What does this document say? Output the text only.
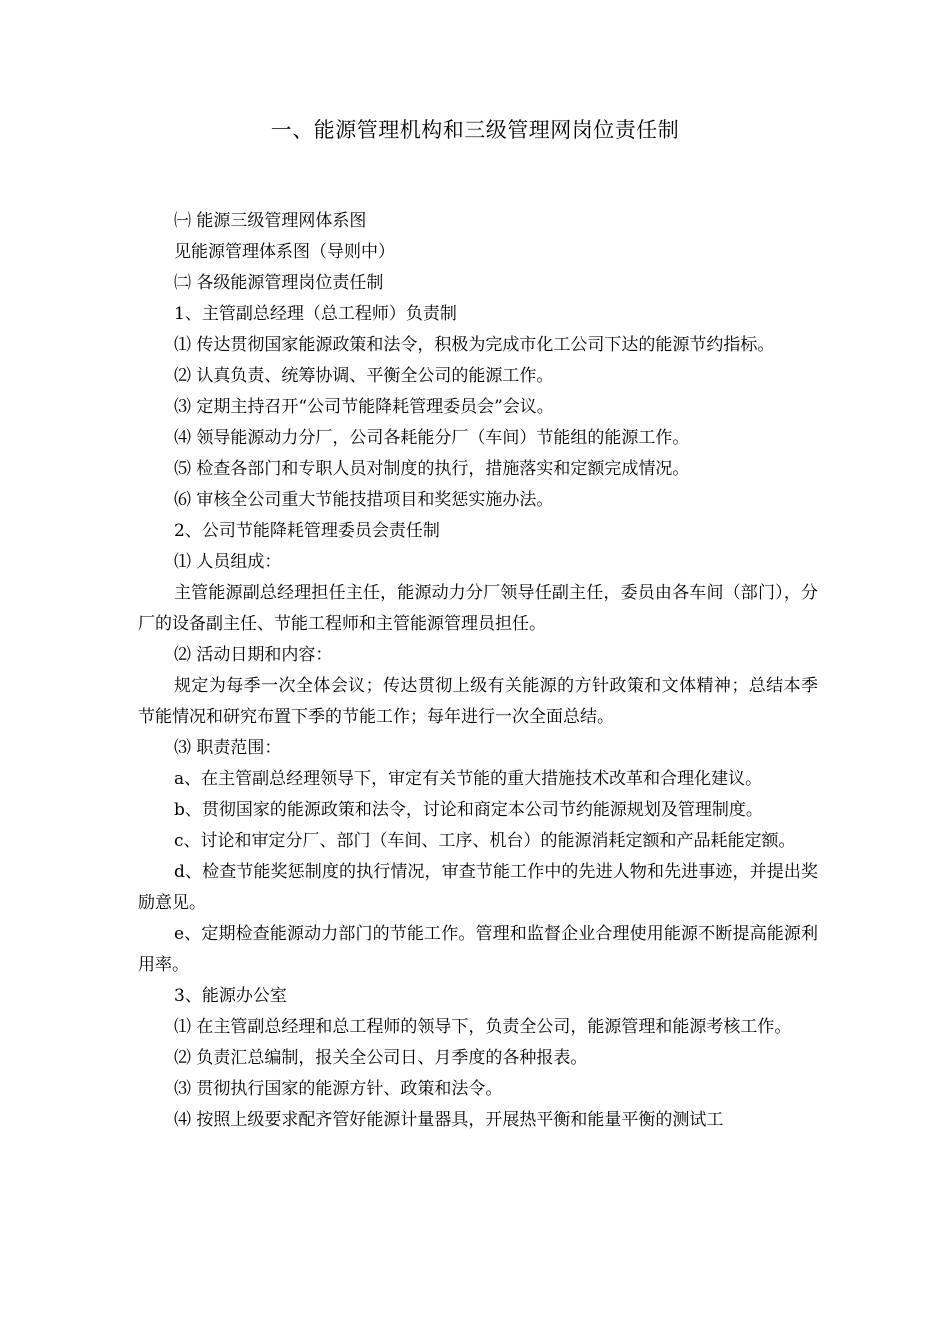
一、能源管理机构和三级管理网岗位责任制

㈠ 能源三级管理网体系图

见能源管理体系图（导则中）

㈡ 各级能源管理岗位责任制

1、主管副总经理（总工程师）负责制

⑴ 传达贯彻国家能源政策和法令，积极为完成市化工公司下达的能源节约指标。

⑵ 认真负责、统筹协调、平衡全公司的能源工作。

⑶ 定期主持召开“公司节能降耗管理委员会”会议。

⑷ 领导能源动力分厂，公司各耗能分厂（车间）节能组的能源工作。

⑸ 检查各部门和专职人员对制度的执行，措施落实和定额完成情况。

⑹ 审核全公司重大节能技措项目和奖惩实施办法。

2、公司节能降耗管理委员会责任制

⑴ 人员组成：

主管能源副总经理担任主任，能源动力分厂领导任副主任，委员由各车间（部门），分厂的设备副主任、节能工程师和主管能源管理员担任。

⑵ 活动日期和内容：

规定为每季一次全体会议；传达贯彻上级有关能源的方针政策和文体精神；总结本季节能情况和研究布置下季的节能工作；每年进行一次全面总结。

⑶ 职责范围：

a、在主管副总经理领导下，审定有关节能的重大措施技术改革和合理化建议。

b、贯彻国家的能源政策和法令，讨论和商定本公司节约能源规划及管理制度。

c、讨论和审定分厂、部门（车间、工序、机台）的能源消耗定额和产品耗能定额。

d、检查节能奖惩制度的执行情况，审查节能工作中的先进人物和先进事迹，并提出奖励意见。

e、定期检查能源动力部门的节能工作。管理和监督企业合理使用能源不断提高能源利用率。

3、能源办公室

⑴ 在主管副总经理和总工程师的领导下，负责全公司，能源管理和能源考核工作。

⑵ 负责汇总编制，报关全公司日、月季度的各种报表。

⑶ 贯彻执行国家的能源方针、政策和法令。

⑷ 按照上级要求配齐管好能源计量器具，开展热平衡和能量平衡的测试工
